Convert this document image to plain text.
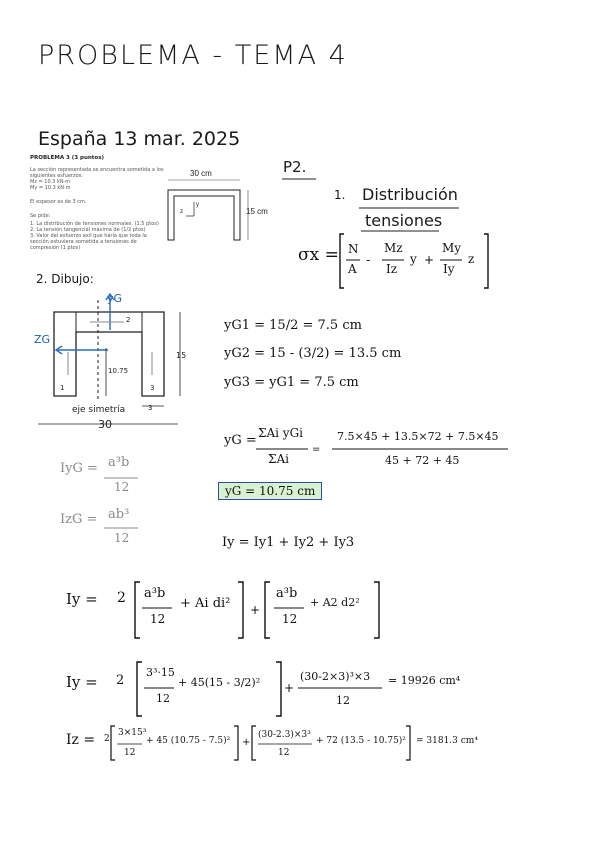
PROBLEMA - TEMA 4
España 13 mar. 2025
PROBLEMA 3 (3 puntos)
La sección representada se encuentra sometida a los
siguientes esfuerzos:
Mz = 10.3 kN·m
My = 10.3 kN·m
El espesor es de 3 cm.
Se pide:
1. La distribución de tensiones normales. (1.5 ptos)
2. La tensión tangencial máxima de (1/2 ptos)
3. Valor del esfuerzo axil que haría que toda la
sección estuviera sometida a tensiones de
compresión (1 ptos)
30 cm
15 cm
z
y
P2.
1. Distribución
tensiones
σx = -	+
N
A
Mz
Iz
y
My
Iy
z
2. Dibujo:
2
1	3
15
10.75
3
30
eje simetría
yG
ZG
yG1 = 15/2 = 7.5 cm
yG2 = 15 - (3/2) = 13.5 cm
yG3 = yG1 = 7.5 cm
yG = ΣAi yGi
ΣAi
7.5×45 + 13.5×72 + 7.5×45
45 + 72 + 45
=
yG = 10.75 cm
IyG = a³b
12
IzG = ab³
12	Iy = Iy1 + Iy2 + Iy3
Iy = 2 a³b
12
+ Ai di²
a³b
12
+ A2 d2²
+
Iy = 2
3³·15
12
+ 45(15 - 3/2)²	(30-2×3)³×3
12
= 19926 cm⁴
+
Iz = 2
3×15³
12
+ 45 (10.75 - 7.5)²
(30-2.3)×3³
12
+ 72 (13.5 - 10.75)² = 3181.3 cm⁴
+
